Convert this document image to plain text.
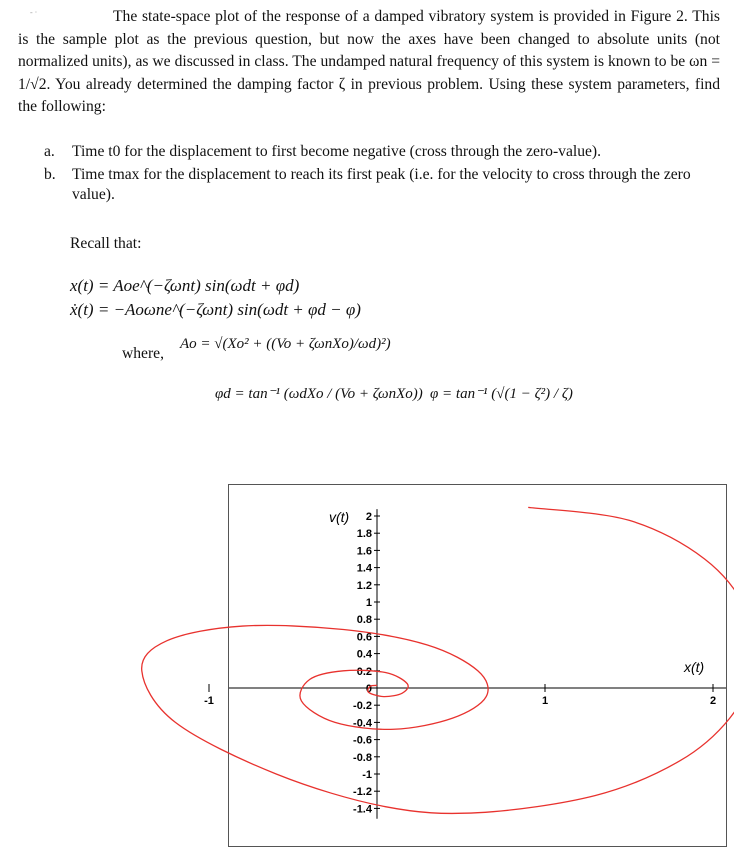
‐ ·	The state-space plot of the response of a damped vibratory system is provided in Figure 2. This is the sample plot as the previous question, but now the axes have been changed to absolute units (not normalized units), as we discussed in class. The undamped natural frequency of this system is known to be ωn = 1/√2. You already determined the damping factor ζ in previous problem. Using these system parameters, find the following:
a. Time t0 for the displacement to first become negative (cross through the zero-value).
b. Time tmax for the displacement to reach its first peak (i.e. for the velocity to cross through the zero value).
Recall that:
x(t) = Aoe^(−ζωnt) sin(ωdt + φd)
ẋ(t) = −Aoωne^(−ζωnt) sin(ωdt + φd − φ)
where,
Ao = √(Xo² + ((Vo + ζωnXo)/ωd)²)
φd = tan⁻¹ (ωdXo / (Vo + ζωnXo)) φ = tan⁻¹ (√(1 − ζ²) / ζ)
-1	1	2
2
1.8
1.6
1.4
1.2
1
0.8
0.6
0.4
0.2
0
-0.2
-0.4
-0.6
-0.8
-1
-1.2
-1.4
v(t)
x(t)
